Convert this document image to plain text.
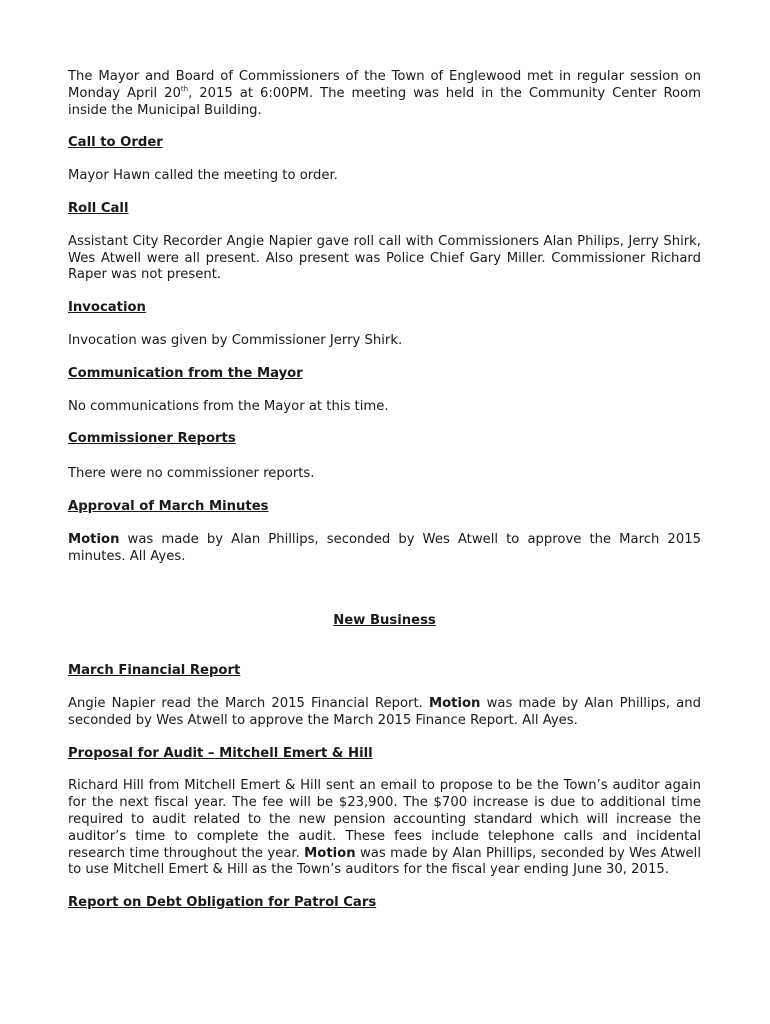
The Mayor and Board of Commissioners of the Town of Englewood met in regular session on Monday April 20th, 2015 at 6:00PM. The meeting was held in the Community Center Room inside the Municipal Building.

Call to Order

Mayor Hawn called the meeting to order.

Roll Call

Assistant City Recorder Angie Napier gave roll call with Commissioners Alan Philips, Jerry Shirk, Wes Atwell were all present. Also present was Police Chief Gary Miller. Commissioner Richard Raper was not present.

Invocation

Invocation was given by Commissioner Jerry Shirk.

Communication from the Mayor

No communications from the Mayor at this time.

Commissioner Reports

There were no commissioner reports.

Approval of March Minutes

Motion was made by Alan Phillips, seconded by Wes Atwell to approve the March 2015 minutes. All Ayes.

New Business

March Financial Report

Angie Napier read the March 2015 Financial Report. Motion was made by Alan Phillips, and seconded by Wes Atwell to approve the March 2015 Finance Report. All Ayes.

Proposal for Audit – Mitchell Emert & Hill

Richard Hill from Mitchell Emert & Hill sent an email to propose to be the Town’s auditor again for the next fiscal year. The fee will be $23,900. The $700 increase is due to additional time required to audit related to the new pension accounting standard which will increase the auditor’s time to complete the audit. These fees include telephone calls and incidental research time throughout the year. Motion was made by Alan Phillips, seconded by Wes Atwell to use Mitchell Emert & Hill as the Town’s auditors for the fiscal year ending June 30, 2015.

Report on Debt Obligation for Patrol Cars
